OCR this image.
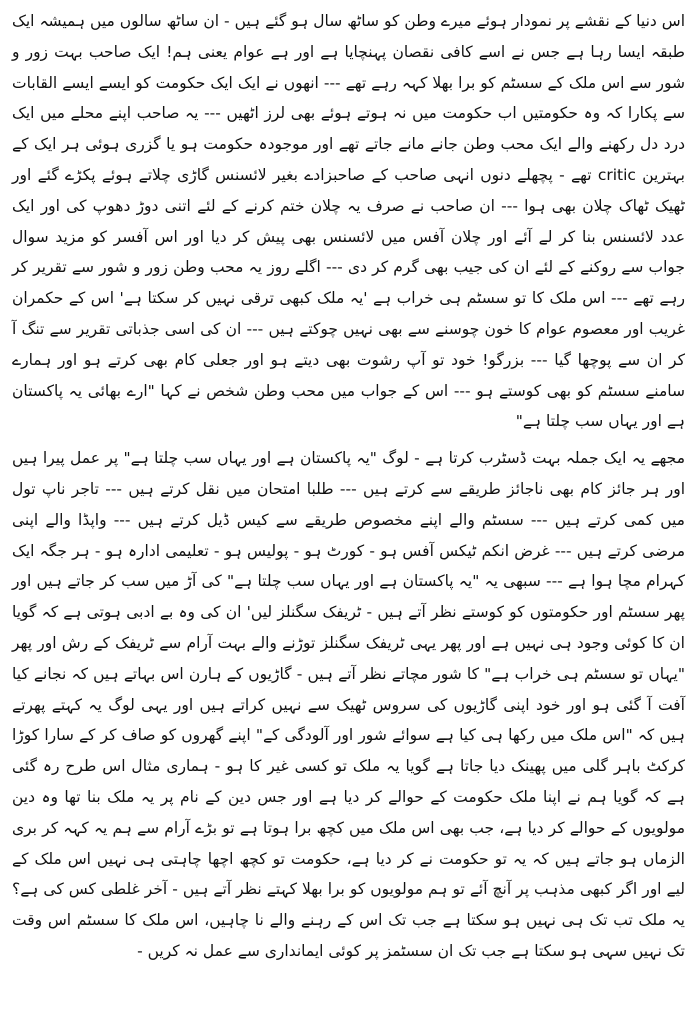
اس دنیا کے نقشے پر نمودار ہوئے میرے وطن کو ساٹھ سال ہو گئے ہیں - ان ساٹھ سالوں میں ہمیشہ ایک طبقہ ایسا رہا ہے جس نے اسے کافی نقصان پہنچایا ہے اور ہے عوام یعنی ہم! ایک صاحب بہت زور و شور سے اس ملک کے سسٹم کو برا بھلا کہہ رہے تھے --- انھوں نے ایک ایک حکومت کو ایسے ایسے القابات سے پکارا کہ وہ حکومتیں اب حکومت میں نہ ہوتے ہوئے بھی لرز اٹھیں --- یہ صاحب اپنے محلے میں ایک درد دل رکھنے والے ایک محب وطن جانے مانے جاتے تھے اور موجودہ حکومت ہو یا گزری ہوئی ہر ایک کے بہترین critic تھے - پچھلے دنوں انہی صاحب کے صاحبزادے بغیر لائسنس گاڑی چلاتے ہوئے پکڑے گئے اور ٹھیک ٹھاک چلان بھی ہوا --- ان صاحب نے صرف یہ چلان ختم کرنے کے لئے اتنی دوڑ دھوپ کی اور ایک عدد لائسنس بنا کر لے آئے اور چلان آفس میں لائسنس بھی پیش کر دیا اور اس آفسر کو مزید سوال جواب سے روکنے کے لئے ان کی جیب بھی گرم کر دی --- اگلے روز یہ محب وطن زور و شور سے تقریر کر رہے تھے --- اس ملک کا تو سسٹم ہی خراب ہے 'یہ ملک کبھی ترقی نہیں کر سکتا ہے' اس کے حکمران غریب اور معصوم عوام کا خون چوسنے سے بھی نہیں چوکتے ہیں --- ان کی اسی جذباتی تقریر سے تنگ آ کر ان سے پوچھا گیا --- بزرگو! خود تو آپ رشوت بھی دیتے ہو اور جعلی کام بھی کرتے ہو اور ہمارے سامنے سسٹم کو بھی کوستے ہو --- اس کے جواب میں محب وطن شخص نے کہا "ارے بھائی یہ پاکستان ہے اور یہاں سب چلتا ہے"

مجھے یہ ایک جملہ بہت ڈسٹرب کرتا ہے - لوگ "یہ پاکستان ہے اور یہاں سب چلتا ہے" پر عمل پیرا ہیں اور ہر جائز کام بھی ناجائز طریقے سے کرتے ہیں --- طلبا امتحان میں نقل کرتے ہیں --- تاجر ناپ تول میں کمی کرتے ہیں --- سسٹم والے اپنے مخصوص طریقے سے کیس ڈیل کرتے ہیں --- واپڈا والے اپنی مرضی کرتے ہیں --- غرض انکم ٹیکس آفس ہو - کورٹ ہو - پولیس ہو - تعلیمی ادارہ ہو - ہر جگہ ایک کہرام مچا ہوا ہے --- سبھی یہ "یہ پاکستان ہے اور یہاں سب چلتا ہے" کی آڑ میں سب کر جاتے ہیں اور پھر سسٹم اور حکومتوں کو کوستے نظر آتے ہیں - ٹریفک سگنلز لیں' ان کی وہ بے ادبی ہوتی ہے کہ گویا ان کا کوئی وجود ہی نہیں ہے اور پھر یہی ٹریفک سگنلز توڑنے والے بہت آرام سے ٹریفک کے رش اور پھر "یہاں تو سسٹم ہی خراب ہے" کا شور مچاتے نظر آتے ہیں - گاڑیوں کے ہارن اس بہاتے ہیں کہ نجانے کیا آفت آ گئی ہو اور خود اپنی گاڑیوں کی سروس ٹھیک سے نہیں کراتے ہیں اور یہی لوگ یہ کہتے پھرتے ہیں کہ "اس ملک میں رکھا ہی کیا ہے سوائے شور اور آلودگی کے" اپنے گھروں کو صاف کر کے سارا کوڑا کرکٹ باہر گلی میں پھینک دیا جاتا ہے گویا یہ ملک تو کسی غیر کا ہو - ہماری مثال اس طرح رہ گئی ہے کہ گویا ہم نے اپنا ملک حکومت کے حوالے کر دیا ہے اور جس دین کے نام پر یہ ملک بنا تھا وہ دین مولویوں کے حوالے کر دیا ہے، جب بھی اس ملک میں کچھ برا ہوتا ہے تو بڑے آرام سے ہم یہ کہہ کر بری الزماں ہو جاتے ہیں کہ یہ تو حکومت نے کر دیا ہے، حکومت تو کچھ اچھا چاہتی ہی نہیں اس ملک کے لیے اور اگر کبھی مذہب پر آنچ آئے تو ہم مولویوں کو برا بھلا کہتے نظر آتے ہیں - آخر غلطی کس کی ہے؟ یہ ملک تب تک ہی نہیں ہو سکتا ہے جب تک اس کے رہنے والے نا چاہیں، اس ملک کا سسٹم اس وقت تک نہیں سہی ہو سکتا ہے جب تک ان سسٹمز پر کوئی ایمانداری سے عمل نہ کریں -
